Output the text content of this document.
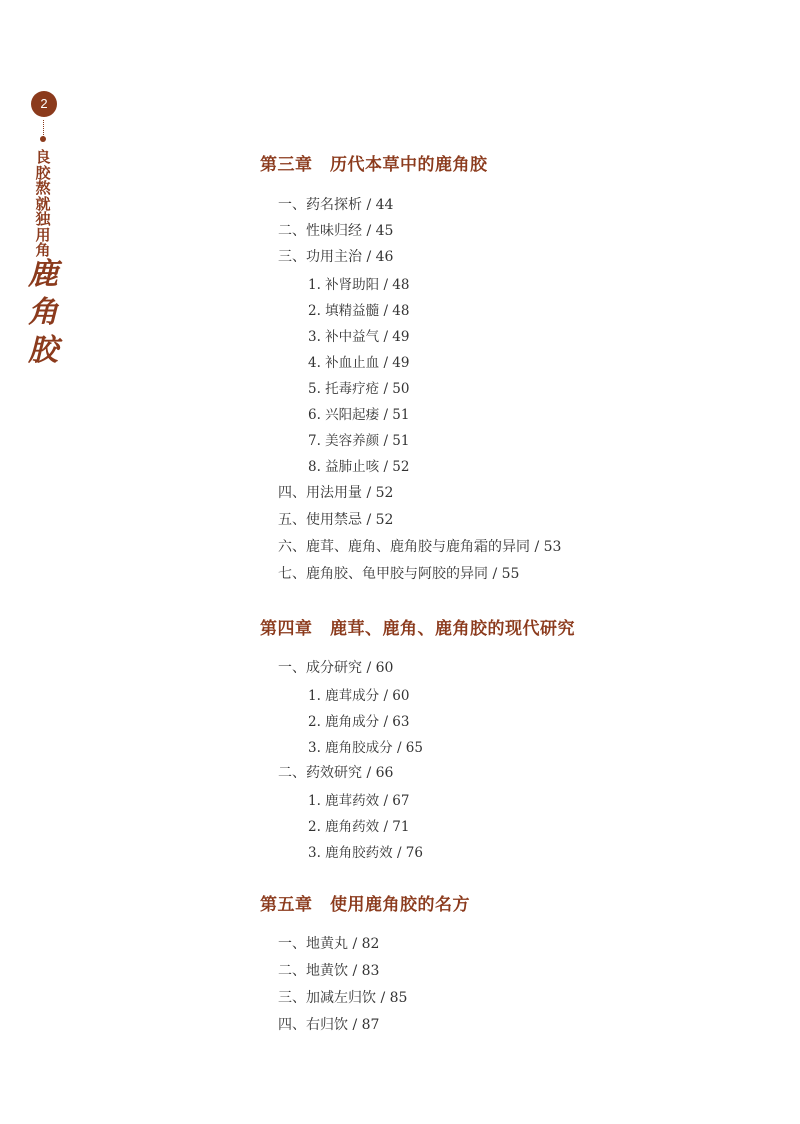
2
良胶熬就独用角
鹿角胶
第三章　历代本草中的鹿角胶
一、药名探析 / 44
二、性味归经 / 45
三、功用主治 / 46
1. 补肾助阳 / 48
2. 填精益髓 / 48
3. 补中益气 / 49
4. 补血止血 / 49
5. 托毒疗疮 / 50
6. 兴阳起痿 / 51
7. 美容养颜 / 51
8. 益肺止咳 / 52
四、用法用量 / 52
五、使用禁忌 / 52
六、鹿茸、鹿角、鹿角胶与鹿角霜的异同 / 53
七、鹿角胶、龟甲胶与阿胶的异同 / 55
第四章　鹿茸、鹿角、鹿角胶的现代研究
一、成分研究 / 60
1. 鹿茸成分 / 60
2. 鹿角成分 / 63
3. 鹿角胶成分 / 65
二、药效研究 / 66
1. 鹿茸药效 / 67
2. 鹿角药效 / 71
3. 鹿角胶药效 / 76
第五章　使用鹿角胶的名方
一、地黄丸 / 82
二、地黄饮 / 83
三、加减左归饮 / 85
四、右归饮 / 87
